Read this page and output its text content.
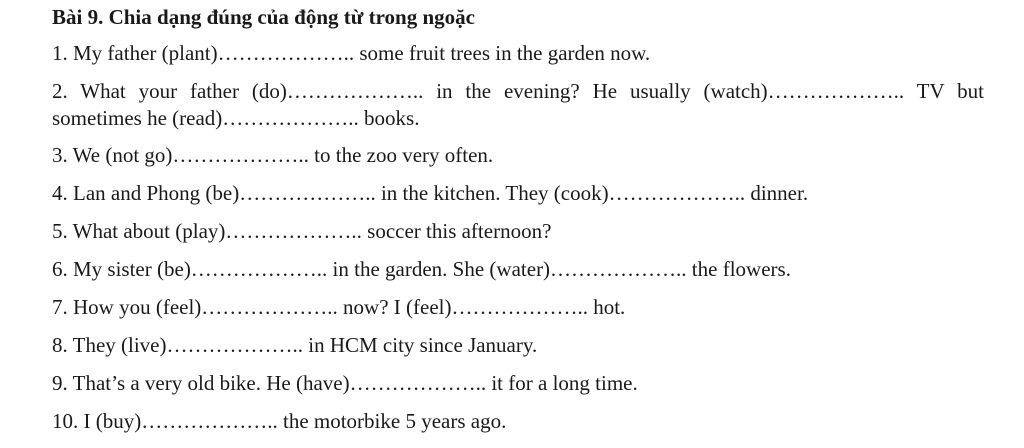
Bài 9. Chia dạng đúng của động từ trong ngoặc
1. My father (plant)……………….. some fruit trees in the garden now.
2. What your father (do)……………….. in the evening? He usually (watch)……………….. TV but sometimes he (read)……………….. books.
3. We (not go)……………….. to the zoo very often.
4. Lan and Phong (be)……………….. in the kitchen. They (cook)……………….. dinner.
5. What about (play)……………….. soccer this afternoon?
6. My sister (be)……………….. in the garden. She (water)……………….. the flowers.
7. How you (feel)……………….. now? I (feel)……………….. hot.
8. They (live)……………….. in HCM city since January.
9. That’s a very old bike. He (have)……………….. it for a long time.
10. I (buy)……………….. the motorbike 5 years ago.
